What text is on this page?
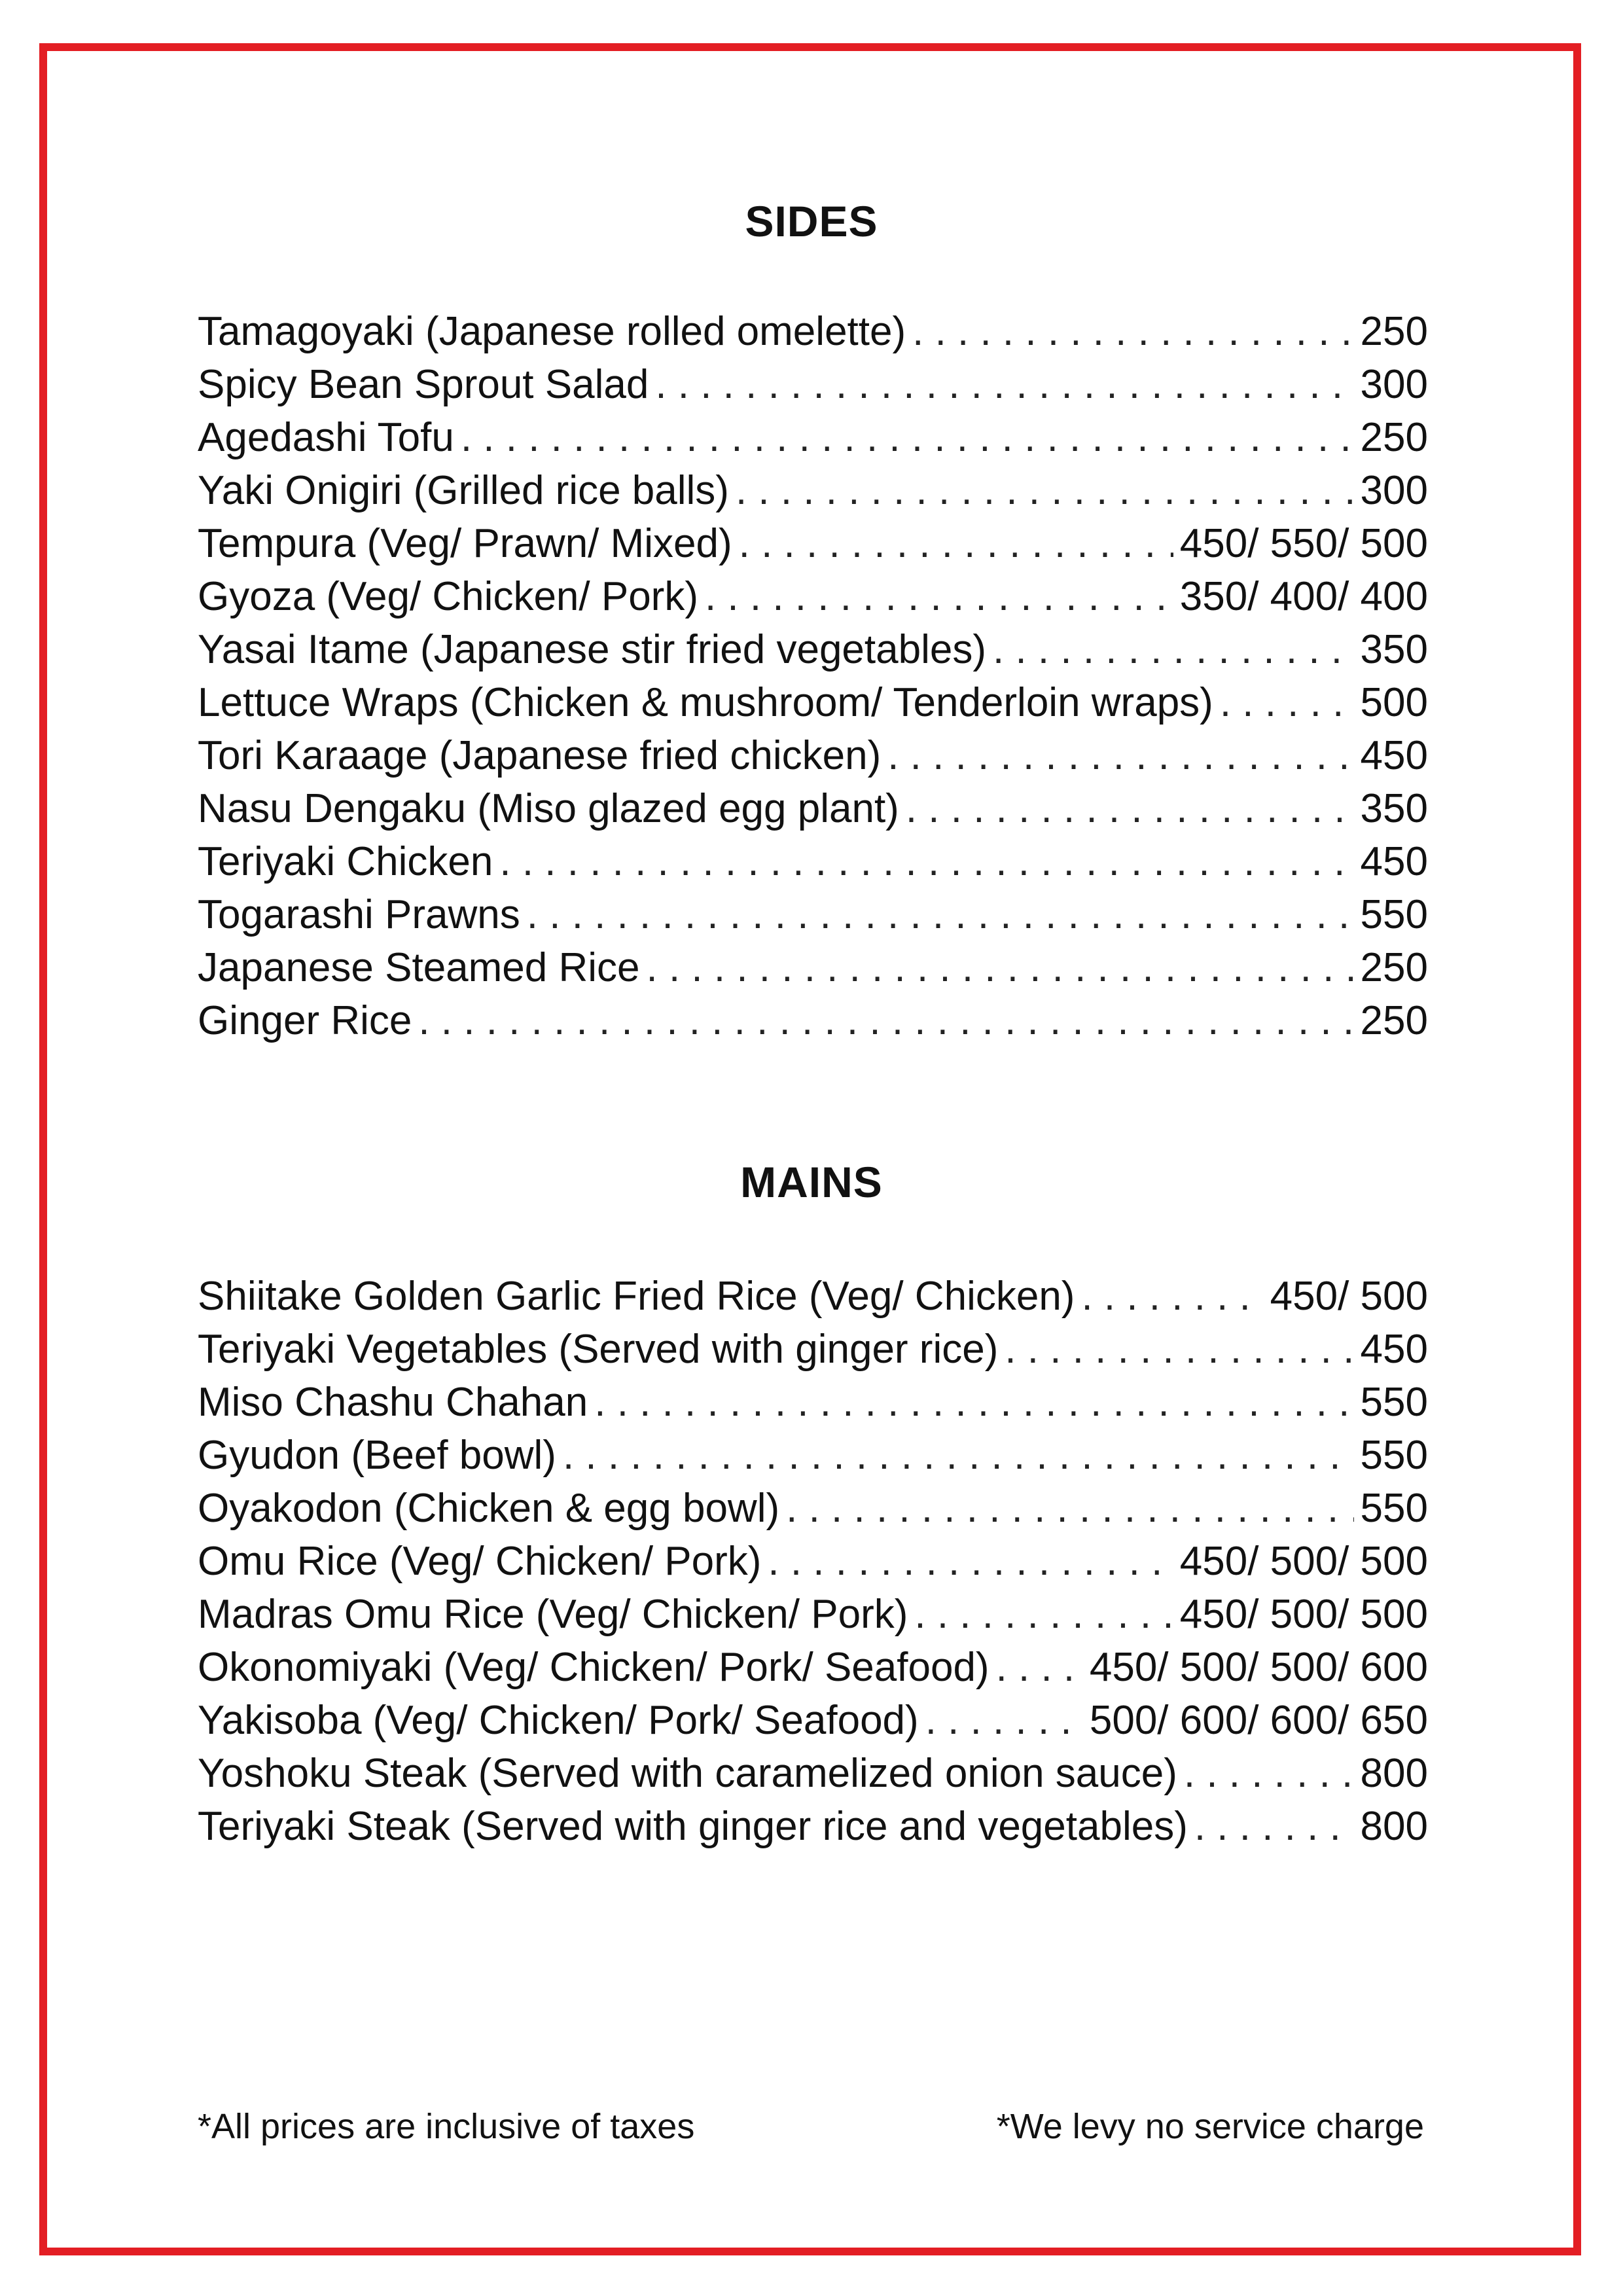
SIDES
Tamagoyaki (Japanese rolled omelette) . . .	250
Spicy Bean Sprout Salad . . .	300
Agedashi Tofu . . .	250
Yaki Onigiri (Grilled rice balls) . . .	300
Tempura (Veg/ Prawn/ Mixed) . . .	450/ 550/ 500
Gyoza (Veg/ Chicken/ Pork) . . .	350/ 400/ 400
Yasai Itame (Japanese stir fried vegetables) . . .	350
Lettuce Wraps (Chicken & mushroom/ Tenderloin wraps) . . .	500
Tori Karaage (Japanese fried chicken) . . .	450
Nasu Dengaku (Miso glazed egg plant) . . .	350
Teriyaki Chicken . . .	450
Togarashi Prawns . . .	550
Japanese Steamed Rice . . .	250
Ginger Rice . . .	250
MAINS
Shiitake Golden Garlic Fried Rice (Veg/ Chicken) . . .	450/ 500
Teriyaki Vegetables (Served with ginger rice) . . .	450
Miso Chashu Chahan . . .	550
Gyudon (Beef bowl) . . .	550
Oyakodon (Chicken & egg bowl) . . .	550
Omu Rice (Veg/ Chicken/ Pork) . . .	450/ 500/ 500
Madras Omu Rice (Veg/ Chicken/ Pork) . . .	450/ 500/ 500
Okonomiyaki (Veg/ Chicken/ Pork/ Seafood) . . . 450/ 500/ 500/ 600
Yakisoba (Veg/ Chicken/ Pork/ Seafood) . . .	500/ 600/ 600/ 650
Yoshoku Steak (Served with caramelized onion sauce) . . .	800
Teriyaki Steak (Served with ginger rice and vegetables) . . .	800
*All prices are inclusive of taxes	*We levy no service charge
